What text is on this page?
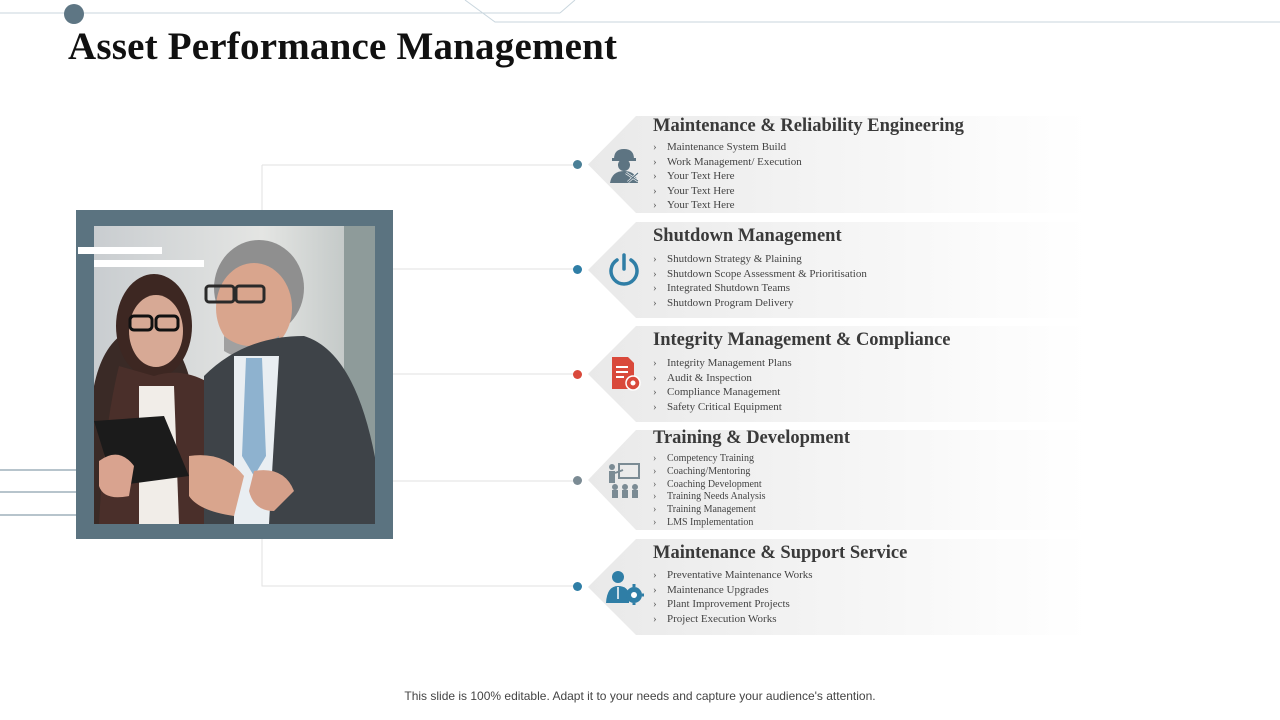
Asset Performance Management
Maintenance & Reliability Engineering
› Maintenance System Build
› Work Management/ Execution
› Your Text Here
› Your Text Here
› Your Text Here
Shutdown Management
› Shutdown Strategy & Plaining
› Shutdown Scope Assessment & Prioritisation
› Integrated Shutdown Teams
› Shutdown Program Delivery
Integrity Management & Compliance
› Integrity Management Plans
› Audit & Inspection
› Compliance Management
› Safety Critical Equipment
Training & Development
› Competency Training
› Coaching/Mentoring
› Coaching Development
› Training Needs Analysis
› Training Management
› LMS Implementation
Maintenance & Support Service
› Preventative Maintenance Works
› Maintenance Upgrades
› Plant Improvement Projects
› Project Execution Works
This slide is 100% editable. Adapt it to your needs and capture your audience's attention.
